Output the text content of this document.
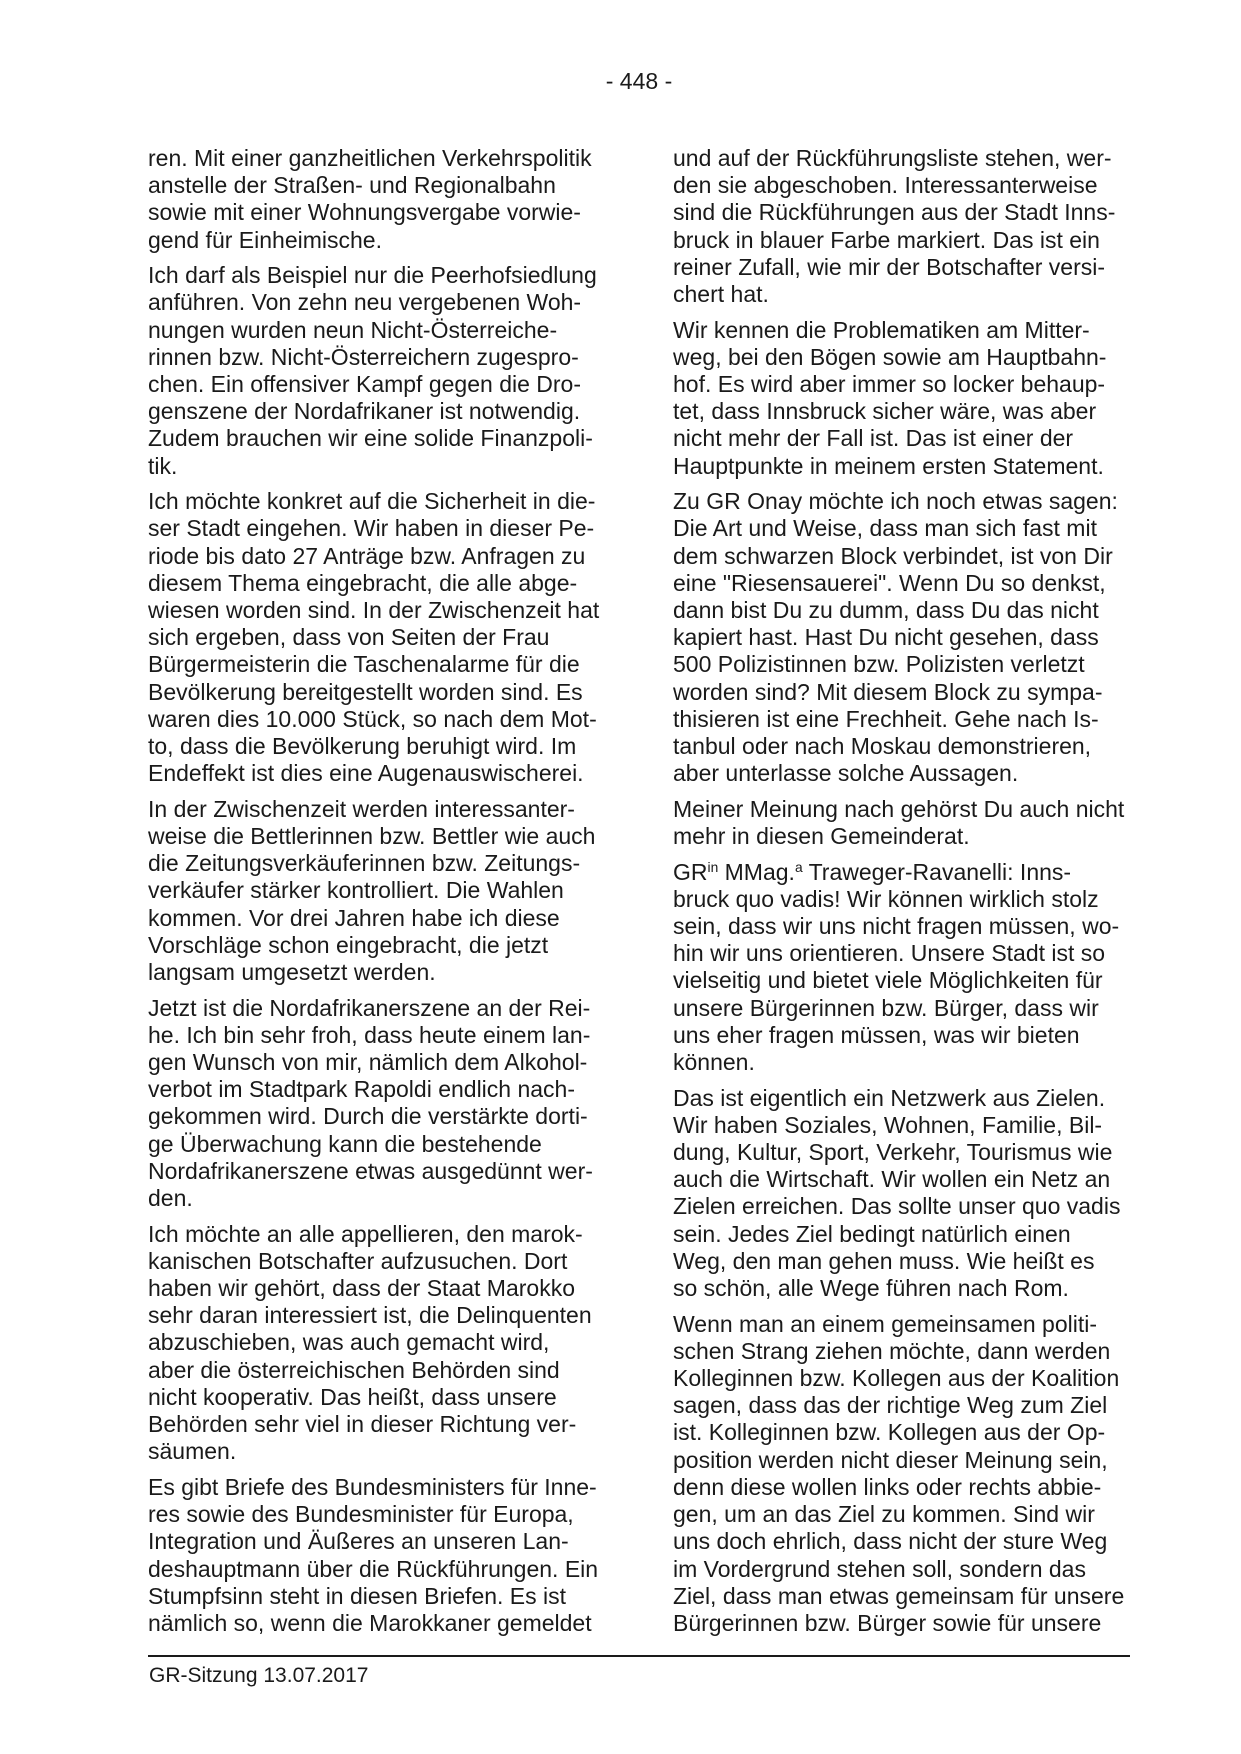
- 448 -

ren. Mit einer ganzheitlichen Verkehrspolitik
anstelle der Straßen- und Regionalbahn
sowie mit einer Wohnungsvergabe vorwie-
gend für Einheimische.

Ich darf als Beispiel nur die Peerhofsiedlung
anführen. Von zehn neu vergebenen Woh-
nungen wurden neun Nicht-Österreiche-
rinnen bzw. Nicht-Österreichern zugespro-
chen. Ein offensiver Kampf gegen die Dro-
genszene der Nordafrikaner ist notwendig.
Zudem brauchen wir eine solide Finanzpoli-
tik.

Ich möchte konkret auf die Sicherheit in die-
ser Stadt eingehen. Wir haben in dieser Pe-
riode bis dato 27 Anträge bzw. Anfragen zu
diesem Thema eingebracht, die alle abge-
wiesen worden sind. In der Zwischenzeit hat
sich ergeben, dass von Seiten der Frau
Bürgermeisterin die Taschenalarme für die
Bevölkerung bereitgestellt worden sind. Es
waren dies 10.000 Stück, so nach dem Mot-
to, dass die Bevölkerung beruhigt wird. Im
Endeffekt ist dies eine Augenauswischerei.

In der Zwischenzeit werden interessanter-
weise die Bettlerinnen bzw. Bettler wie auch
die Zeitungsverkäuferinnen bzw. Zeitungs-
verkäufer stärker kontrolliert. Die Wahlen
kommen. Vor drei Jahren habe ich diese
Vorschläge schon eingebracht, die jetzt
langsam umgesetzt werden.

Jetzt ist die Nordafrikanerszene an der Rei-
he. Ich bin sehr froh, dass heute einem lan-
gen Wunsch von mir, nämlich dem Alkohol-
verbot im Stadtpark Rapoldi endlich nach-
gekommen wird. Durch die verstärkte dorti-
ge Überwachung kann die bestehende
Nordafrikanerszene etwas ausgedünnt wer-
den.

Ich möchte an alle appellieren, den marok-
kanischen Botschafter aufzusuchen. Dort
haben wir gehört, dass der Staat Marokko
sehr daran interessiert ist, die Delinquenten
abzuschieben, was auch gemacht wird,
aber die österreichischen Behörden sind
nicht kooperativ. Das heißt, dass unsere
Behörden sehr viel in dieser Richtung ver-
säumen.

Es gibt Briefe des Bundesministers für Inne-
res sowie des Bundesminister für Europa,
Integration und Äußeres an unseren Lan-
deshauptmann über die Rückführungen. Ein
Stumpfsinn steht in diesen Briefen. Es ist
nämlich so, wenn die Marokkaner gemeldet

und auf der Rückführungsliste stehen, wer-
den sie abgeschoben. Interessanterweise
sind die Rückführungen aus der Stadt Inns-
bruck in blauer Farbe markiert. Das ist ein
reiner Zufall, wie mir der Botschafter versi-
chert hat.

Wir kennen die Problematiken am Mitter-
weg, bei den Bögen sowie am Hauptbahn-
hof. Es wird aber immer so locker behaup-
tet, dass Innsbruck sicher wäre, was aber
nicht mehr der Fall ist. Das ist einer der
Hauptpunkte in meinem ersten Statement.

Zu GR Onay möchte ich noch etwas sagen:
Die Art und Weise, dass man sich fast mit
dem schwarzen Block verbindet, ist von Dir
eine "Riesensauerei". Wenn Du so denkst,
dann bist Du zu dumm, dass Du das nicht
kapiert hast. Hast Du nicht gesehen, dass
500 Polizistinnen bzw. Polizisten verletzt
worden sind? Mit diesem Block zu sympa-
thisieren ist eine Frechheit. Gehe nach Is-
tanbul oder nach Moskau demonstrieren,
aber unterlasse solche Aussagen.

Meiner Meinung nach gehörst Du auch nicht
mehr in diesen Gemeinderat.

$GR^{in}$ MMag.$^a$ Traweger-Ravanelli: Inns-
bruck quo vadis! Wir können wirklich stolz
sein, dass wir uns nicht fragen müssen, wo-
hin wir uns orientieren. Unsere Stadt ist so
vielseitig und bietet viele Möglichkeiten für
unsere Bürgerinnen bzw. Bürger, dass wir
uns eher fragen müssen, was wir bieten
können.

Das ist eigentlich ein Netzwerk aus Zielen.
Wir haben Soziales, Wohnen, Familie, Bil-
dung, Kultur, Sport, Verkehr, Tourismus wie
auch die Wirtschaft. Wir wollen ein Netz an
Zielen erreichen. Das sollte unser quo vadis
sein. Jedes Ziel bedingt natürlich einen
Weg, den man gehen muss. Wie heißt es
so schön, alle Wege führen nach Rom.

Wenn man an einem gemeinsamen politi-
schen Strang ziehen möchte, dann werden
Kolleginnen bzw. Kollegen aus der Koalition
sagen, dass das der richtige Weg zum Ziel
ist. Kolleginnen bzw. Kollegen aus der Op-
position werden nicht dieser Meinung sein,
denn diese wollen links oder rechts abbie-
gen, um an das Ziel zu kommen. Sind wir
uns doch ehrlich, dass nicht der sture Weg
im Vordergrund stehen soll, sondern das
Ziel, dass man etwas gemeinsam für unsere
Bürgerinnen bzw. Bürger sowie für unsere

GR-Sitzung 13.07.2017
